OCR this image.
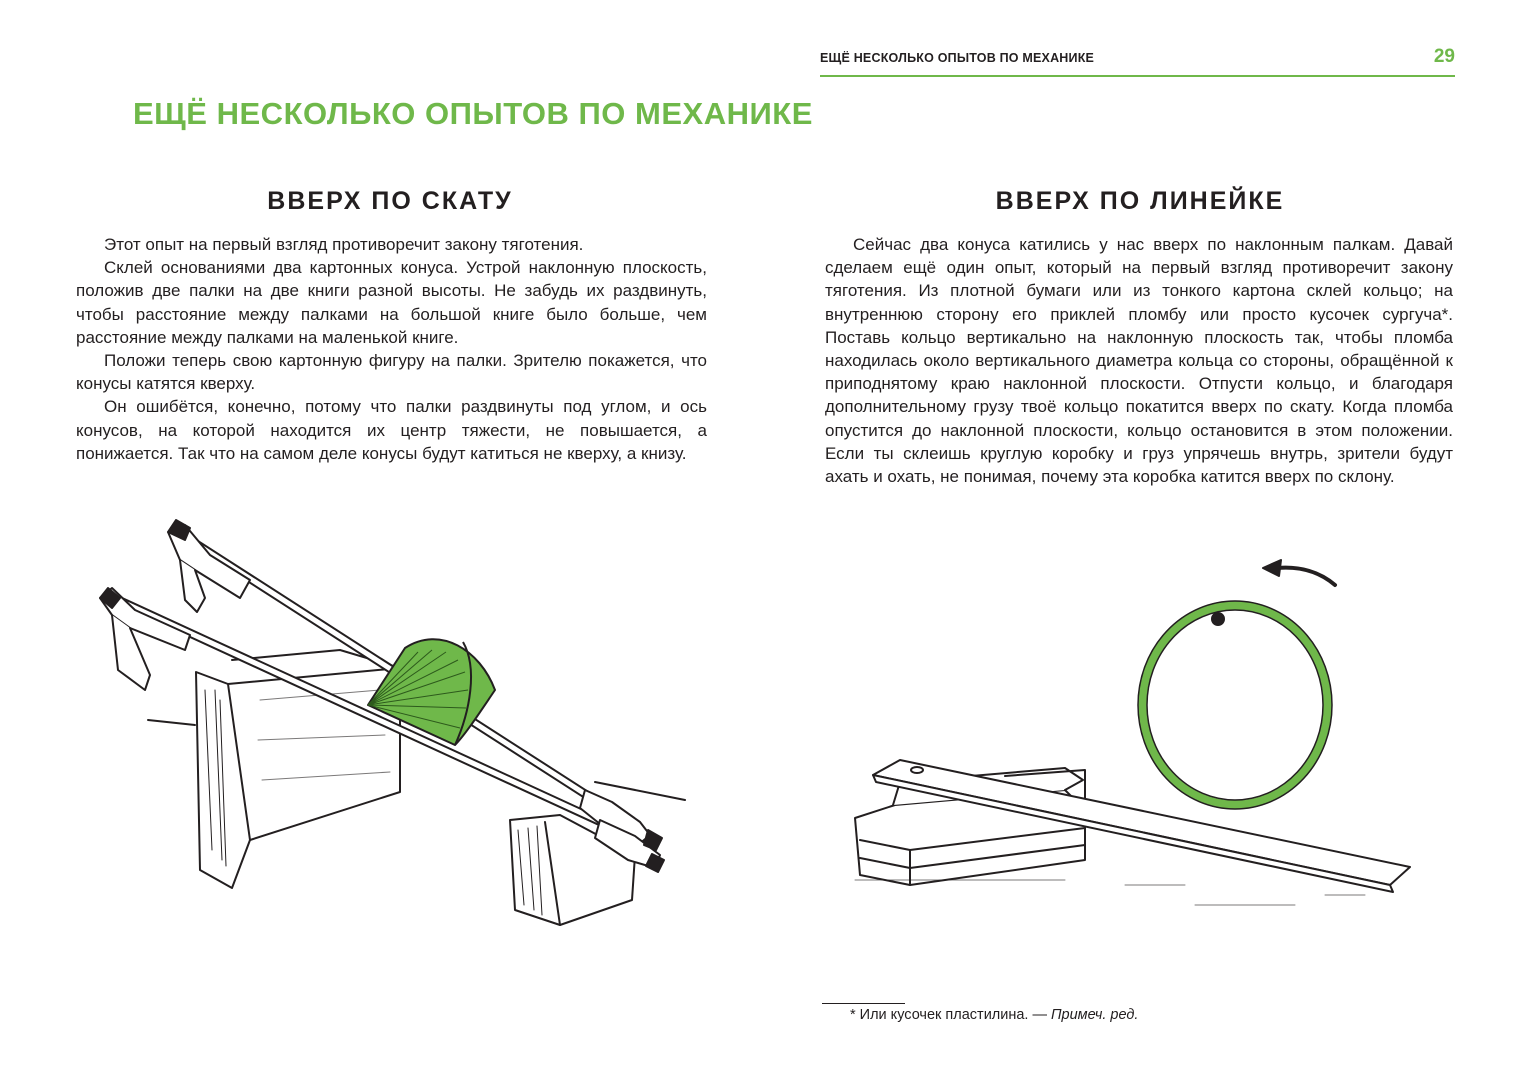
ЕЩЁ НЕСКОЛЬКО ОПЫТОВ ПО МЕХАНИКЕ
ВВЕРХ ПО СКАТУ

Этот опыт на первый взгляд противоречит закону тяготения.

Склей основаниями два картонных конуса. Устрой наклонную плоскость, положив две палки на две книги разной высоты. Не забудь их раздвинуть, чтобы расстояние между палками на большой книге было больше, чем расстояние между палками на маленькой книге.

Положи теперь свою картонную фигуру на палки. Зрителю покажется, что конусы катятся кверху.

Он ошибётся, конечно, потому что палки раздвинуты под углом, и ось конусов, на которой находится их центр тяжести, не повышается, а понижается. Так что на самом деле конусы будут катиться не кверху, а книзу.

ЕЩЁ НЕСКОЛЬКО ОПЫТОВ ПО МЕХАНИКЕ	29
ВВЕРХ ПО ЛИНЕЙКЕ

Сейчас два конуса катились у нас вверх по наклонным палкам. Давай сделаем ещё один опыт, который на первый взгляд противоречит закону тяготения. Из плотной бумаги или из тонкого картона склей кольцо; на внутреннюю сторону его приклей пломбу или просто кусочек сургуча*. Поставь кольцо вертикально на наклонную плоскость так, чтобы пломба находилась около вертикального диаметра кольца со стороны, обращённой к приподнятому краю наклонной плоскости. Отпусти кольцо, и благодаря дополнительному грузу твоё кольцо покатится вверх по скату. Когда пломба опустится до наклонной плоскости, кольцо остановится в этом положении. Если ты склеишь круглую коробку и груз упрячешь внутрь, зрители будут ахать и охать, не понимая, почему эта коробка катится вверх по склону.

* Или кусочек пластилина. — Примеч. ред.
